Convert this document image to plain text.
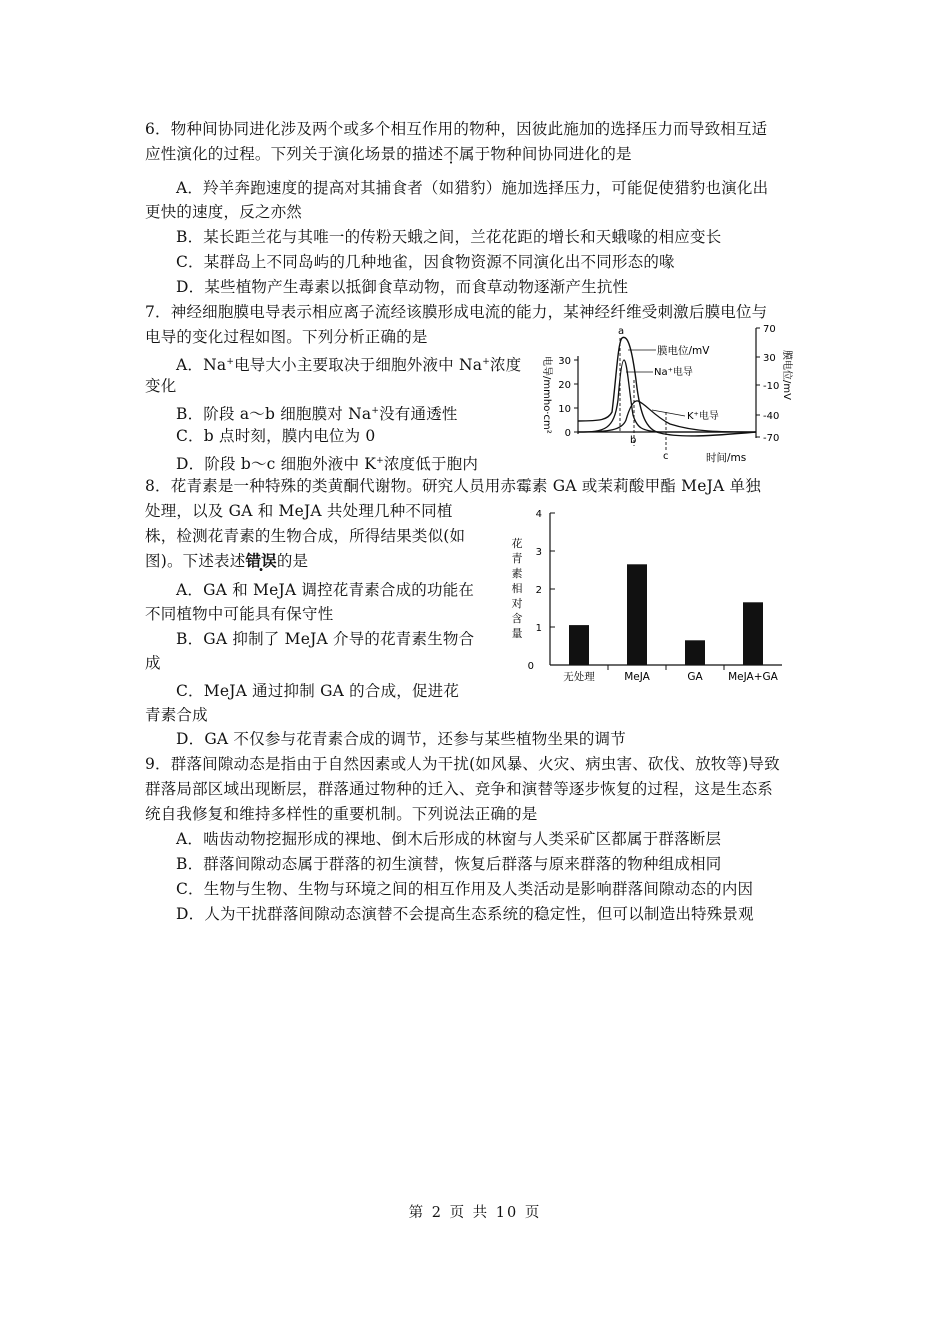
6．物种间协同进化涉及两个或多个相互作用的物种，因彼此施加的选择压力而导致相互适
应性演化的过程。下列关于演化场景的描述不属于物种间协同进化的是
A．羚羊奔跑速度的提高对其捕食者（如猎豹）施加选择压力，可能促使猎豹也演化出
更快的速度，反之亦然
B．某长距兰花与其唯一的传粉天蛾之间，兰花花距的增长和天蛾喙的相应变长
C．某群岛上不同岛屿的几种地雀，因食物资源不同演化出不同形态的喙
D．某些植物产生毒素以抵御食草动物，而食草动物逐渐产生抗性
7．神经细胞膜电导表示相应离子流经该膜形成电流的能力，某神经纤维受刺激后膜电位与
电导的变化过程如图。下列分析正确的是
A．Na+电导大小主要取决于细胞外液中 Na+浓度
变化
B．阶段 a～b 细胞膜对 Na+没有通透性
C．b 点时刻，膜内电位为 0
D．阶段 b～c 细胞外液中 K+浓度低于胞内
电导/mmho·cm² 30
20
10
0
70
30
-10
-40
-70
膜电位/mV
a
b
c
膜电位/mV
Na⁺电导
K⁺电导
时间/ms
8．花青素是一种特殊的类黄酮代谢物。研究人员用赤霉素 GA 或茉莉酸甲酯 MeJA 单独
处理，以及 GA 和 MeJA 共处理几种不同植
株，检测花青素的生物合成，所得结果类似(如
图)。下述表述错误的是
A．GA 和 MeJA 调控花青素合成的功能在
不同植物中可能具有保守性
B．GA 抑制了 MeJA 介导的花青素生物合
成
C．MeJA 通过抑制 GA 的合成，促进花
青素合成
D．GA 不仅参与花青素合成的调节，还参与某些植物坐果的调节
花
青
素
相
对
含
量
0
1
2
3
4
无处理	MeJA	GA MeJA+GA
9．群落间隙动态是指由于自然因素或人为干扰(如风暴、火灾、病虫害、砍伐、放牧等)导致
群落局部区域出现断层，群落通过物种的迁入、竞争和演替等逐步恢复的过程，这是生态系
统自我修复和维持多样性的重要机制。下列说法正确的是
A．啮齿动物挖掘形成的裸地、倒木后形成的林窗与人类采矿区都属于群落断层
B．群落间隙动态属于群落的初生演替，恢复后群落与原来群落的物种组成相同
C．生物与生物、生物与环境之间的相互作用及人类活动是影响群落间隙动态的内因
D．人为干扰群落间隙动态演替不会提高生态系统的稳定性，但可以制造出特殊景观
第 2 页 共 10 页
